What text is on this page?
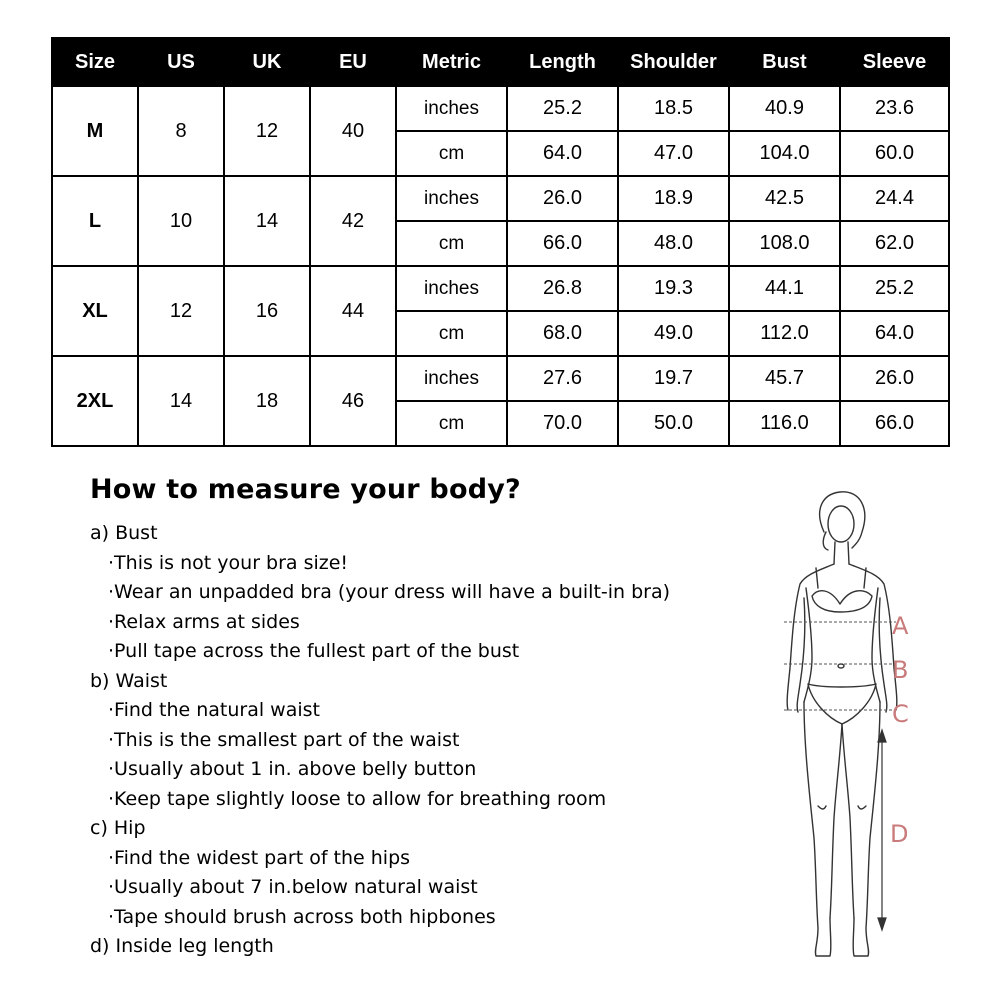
Size	US	UK	EU	Metric	Length	Shoulder	Bust	Sleeve
M	8	12	40	inches	25.2	18.5	40.9	23.6
				cm	64.0	47.0	104.0	60.0
L	10	14	42	inches	26.0	18.9	42.5	24.4
				cm	66.0	48.0	108.0	62.0
XL	12	16	44	inches	26.8	19.3	44.1	25.2
				cm	68.0	49.0	112.0	64.0
2XL	14	18	46	inches	27.6	19.7	45.7	26.0
				cm	70.0	50.0	116.0	66.0
How to measure your body?
a) Bust
·This is not your bra size!
·Wear an unpadded bra (your dress will have a built-in bra)
·Relax arms at sides
·Pull tape across the fullest part of the bust
b) Waist
·Find the natural waist
·This is the smallest part of the waist
·Usually about 1 in. above belly button
·Keep tape slightly loose to allow for breathing room
c) Hip
·Find the widest part of the hips
·Usually about 7 in.below natural waist
·Tape should brush across both hipbones
d) Inside leg length
A
B
C
D
